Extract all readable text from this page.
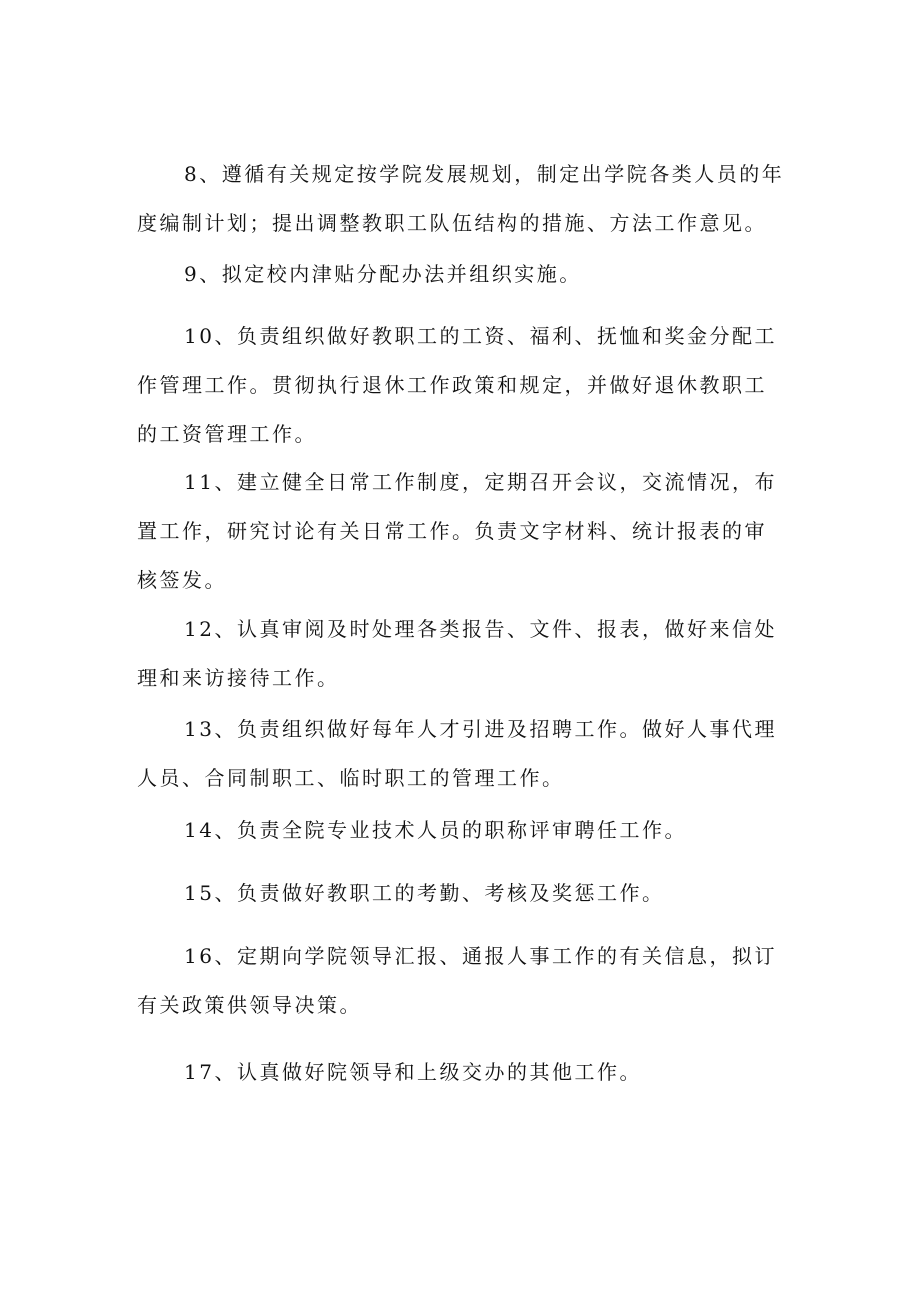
8、遵循有关规定按学院发展规划，制定出学院各类人员的年
度编制计划；提出调整教职工队伍结构的措施、方法工作意见。
9、拟定校内津贴分配办法并组织实施。
10、负责组织做好教职工的工资、福利、抚恤和奖金分配工
作管理工作。贯彻执行退休工作政策和规定，并做好退休教职工
的工资管理工作。
11、建立健全日常工作制度，定期召开会议，交流情况，布
置工作，研究讨论有关日常工作。负责文字材料、统计报表的审
核签发。
12、认真审阅及时处理各类报告、文件、报表，做好来信处
理和来访接待工作。
13、负责组织做好每年人才引进及招聘工作。做好人事代理
人员、合同制职工、临时职工的管理工作。
14、负责全院专业技术人员的职称评审聘任工作。
15、负责做好教职工的考勤、考核及奖惩工作。
16、定期向学院领导汇报、通报人事工作的有关信息，拟订
有关政策供领导决策。
17、认真做好院领导和上级交办的其他工作。
